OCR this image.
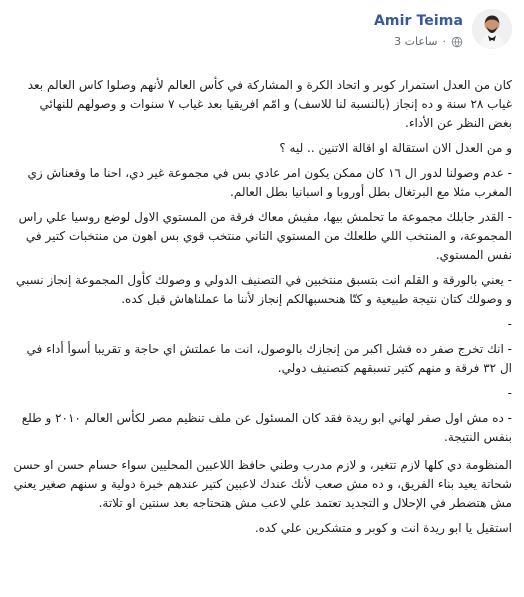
Amir Teima
·
3 ساعات

كان من العدل استمرار كوبر و اتحاد الكرة و المشاركة في كأس العالم لأنهم وصلوا كاس العالم بعد غياب ٢٨ سنة و ده إنجاز (بالنسبة لنا للاسف) و امّم افريقيا بعد غياب ٧ سنوات و وصولهم للنهائي بغض النظر عن الأداء.

و من العدل الان استقالة او اقالة الاتنين .. ليه ؟

- عدم وصولنا لدور ال ١٦ كان ممكن يكون امر عادي بس في مجموعة غير دي، احنا ما وقعناش زي المغرب مثلا مع البرتغال بطل أوروبا و اسبانيا بطل العالم.

- القدر جابلك مجموعة ما تحلمش بيها، مفيش معاك فرقة من المستوي الاول لوضع روسيا علي راس المجموعة، و المنتخب اللي طلعلك من المستوي التاني منتخب قوي بس اهون من منتخبات كتير في نفس المستوي.

- يعني بالورقة و القلم انت بتسبق منتخبين في التصنيف الدولي و وصولك كأول المجموعة إنجاز نسبي و وصولك كتان نتيجة طبيعية و كتّا هنحسبهالكم إنجاز لأننا ما عملناهاش قبل كده.

-

- انك تخرج صفر ده فشل اكبر من إنجازك بالوصول، انت ما عملتش اي حاجة و تقريبا أسوأ أداء في ال ٣٢ فرقة و منهم كتير تسبقهم كتصنيف دولي.

-

- ده مش اول صفر لهاني ابو ريدة فقد كان المسئول عن ملف تنظيم مصر لكأس العالم ٢٠١٠ و طلع بنفس النتيجة.

المنظومة دي كلها لازم تتغير، و لازم مدرب وطني حافظ اللاعبين المحليين سواء حسام حسن او حسن شحاتة يعيد بناء الفريق، و ده مش صعب لأنك عندك لاعبين كتير عندهم خبرة دولية و سنهم صغير يعني مش هتضطر في الإحلال و التجديد تعتمد علي لاعب مش هتحتاجه بعد سنتين او تلاتة.

استقيل يا ابو ريدة انت و كوبر و متشكرين علي كده.
